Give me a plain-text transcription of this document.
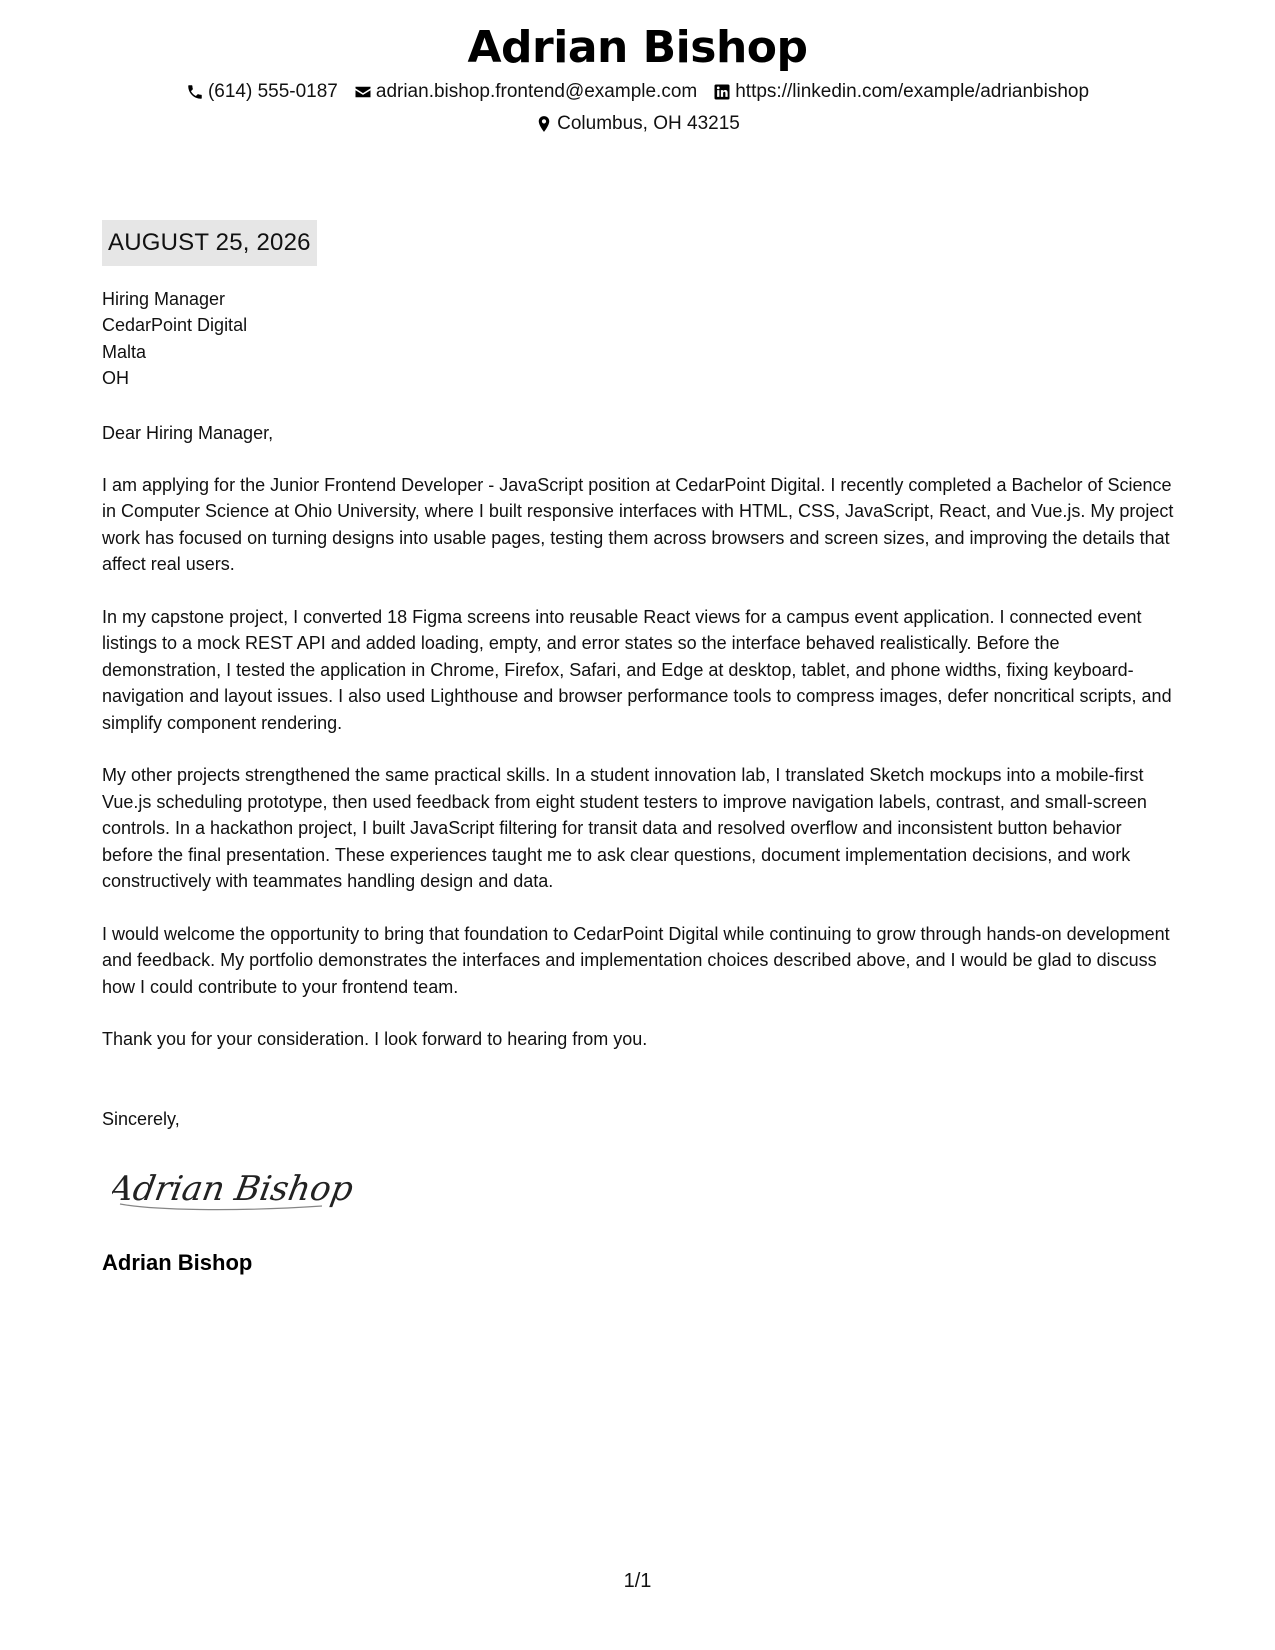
Adrian Bishop
(614) 555-0187 adrian.bishop.frontend@example.com https://linkedin.com/example/adrianbishop
Columbus, OH 43215
AUGUST 25, 2026
Hiring Manager
CedarPoint Digital
Malta
OH
Dear Hiring Manager,

I am applying for the Junior Frontend Developer - JavaScript position at CedarPoint Digital. I recently completed a Bachelor of Science in Computer Science at Ohio University, where I built responsive interfaces with HTML, CSS, JavaScript, React, and Vue.js. My project work has focused on turning designs into usable pages, testing them across browsers and screen sizes, and improving the details that affect real users.

In my capstone project, I converted 18 Figma screens into reusable React views for a campus event application. I connected event listings to a mock REST API and added loading, empty, and error states so the interface behaved realistically. Before the demonstration, I tested the application in Chrome, Firefox, Safari, and Edge at desktop, tablet, and phone widths, fixing keyboard-navigation and layout issues. I also used Lighthouse and browser performance tools to compress images, defer noncritical scripts, and simplify component rendering.

My other projects strengthened the same practical skills. In a student innovation lab, I translated Sketch mockups into a mobile-first Vue.js scheduling prototype, then used feedback from eight student testers to improve navigation labels, contrast, and small-screen controls. In a hackathon project, I built JavaScript filtering for transit data and resolved overflow and inconsistent button behavior before the final presentation. These experiences taught me to ask clear questions, document implementation decisions, and work constructively with teammates handling design and data.

I would welcome the opportunity to bring that foundation to CedarPoint Digital while continuing to grow through hands-on development and feedback. My portfolio demonstrates the interfaces and implementation choices described above, and I would be glad to discuss how I could contribute to your frontend team.

Thank you for your consideration. I look forward to hearing from you.

Sincerely,
Adrian Bishop
Adrian Bishop
1/1
